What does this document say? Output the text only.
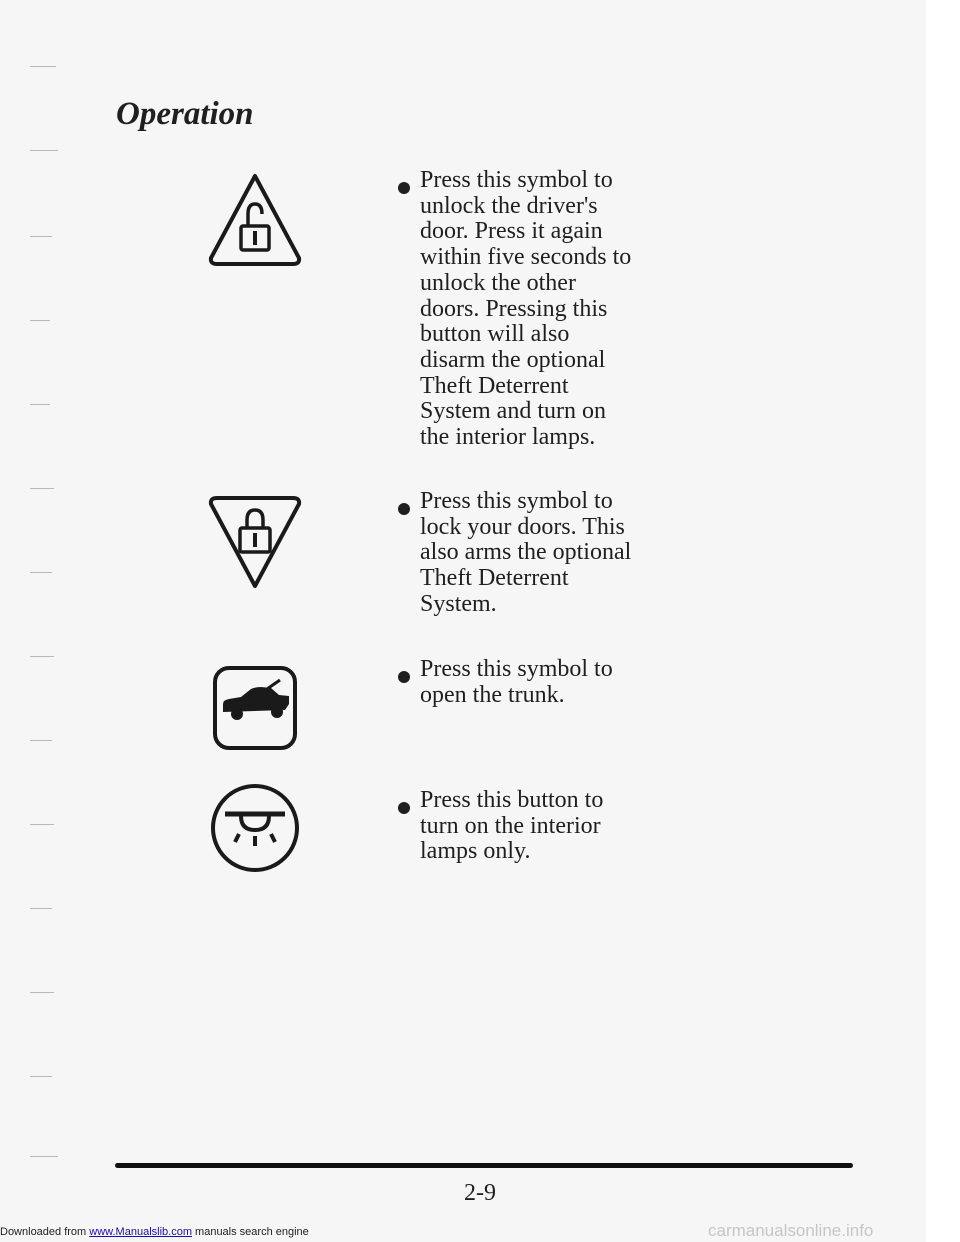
Operation

Press this symbol to unlock the driver's door. Press it again within five seconds to unlock the other doors. Pressing this button will also disarm the optional Theft Deterrent System and turn on the interior lamps.

Press this symbol to lock your doors. This also arms the optional Theft Deterrent System.

Press this symbol to open the trunk.

Press this button to turn on the interior lamps only.

2-9
Downloaded from www.Manualslib.com manuals search engine	carmanualsonline.info
